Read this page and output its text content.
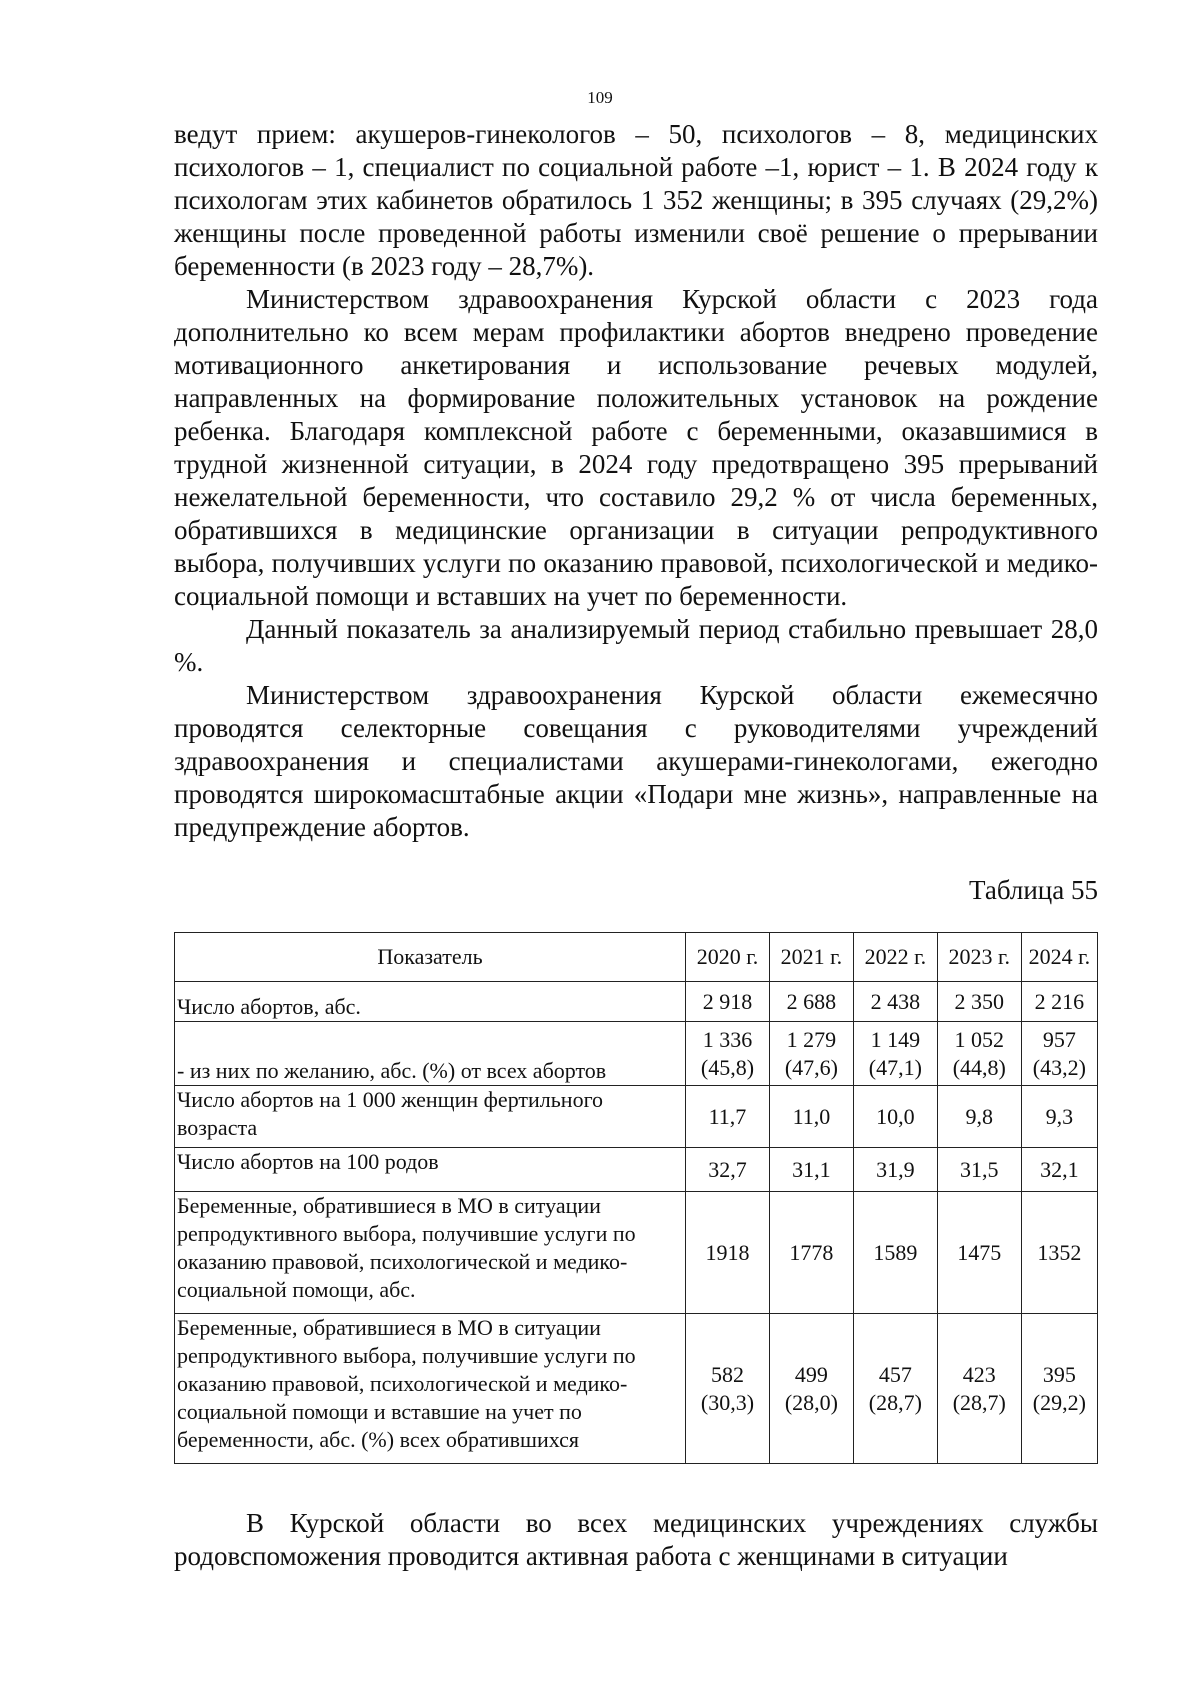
109

ведут прием: акушеров-гинекологов – 50, психологов – 8, медицинских психологов – 1, специалист по социальной работе –1, юрист – 1. В 2024 году к психологам этих кабинетов обратилось 1 352 женщины; в 395 случаях (29,2%) женщины после проведенной работы изменили своё решение о прерывании беременности (в 2023 году – 28,7%).

Министерством здравоохранения Курской области с 2023 года дополнительно ко всем мерам профилактики абортов внедрено проведение мотивационного анкетирования и использование речевых модулей, направленных на формирование положительных установок на рождение ребенка. Благодаря комплексной работе с беременными, оказавшимися в трудной жизненной ситуации, в 2024 году предотвращено 395 прерываний нежелательной беременности, что составило 29,2 % от числа беременных, обратившихся в медицинские организации в ситуации репродуктивного выбора, получивших услуги по оказанию правовой, психологической и медико-социальной помощи и вставших на учет по беременности.

Данный показатель за анализируемый период стабильно превышает 28,0 %.

Министерством здравоохранения Курской области ежемесячно проводятся селекторные совещания с руководителями учреждений здравоохранения и специалистами акушерами-гинекологами, ежегодно проводятся широкомасштабные акции «Подари мне жизнь», направленные на предупреждение абортов.

Таблица 55
Показатель	2020 г.	2021 г.	2022 г.	2023 г.	2024 г.
Число абортов, абс.	2 918	2 688	2 438	2 350	2 216
- из них по желанию, абс. (%) от всех абортов	1 336 (45,8)	1 279 (47,6)	1 149 (47,1)	1 052 (44,8)	957 (43,2)
Число абортов на 1 000 женщин фертильного возраста	11,7	11,0	10,0	9,8	9,3
Число абортов на 100 родов	32,7	31,1	31,9	31,5	32,1
Беременные, обратившиеся в МО в ситуации репродуктивного выбора, получившие услуги по оказанию правовой, психологической и медико-социальной помощи, абс.	1918	1778	1589	1475	1352
Беременные, обратившиеся в МО в ситуации репродуктивного выбора, получившие услуги по оказанию правовой, психологической и медико-социальной помощи и вставшие на учет по беременности, абс. (%) всех обратившихся	582 (30,3)	499 (28,0)	457 (28,7)	423 (28,7)	395 (29,2)

В Курской области во всех медицинских учреждениях службы родовспоможения проводится активная работа с женщинами в ситуации
